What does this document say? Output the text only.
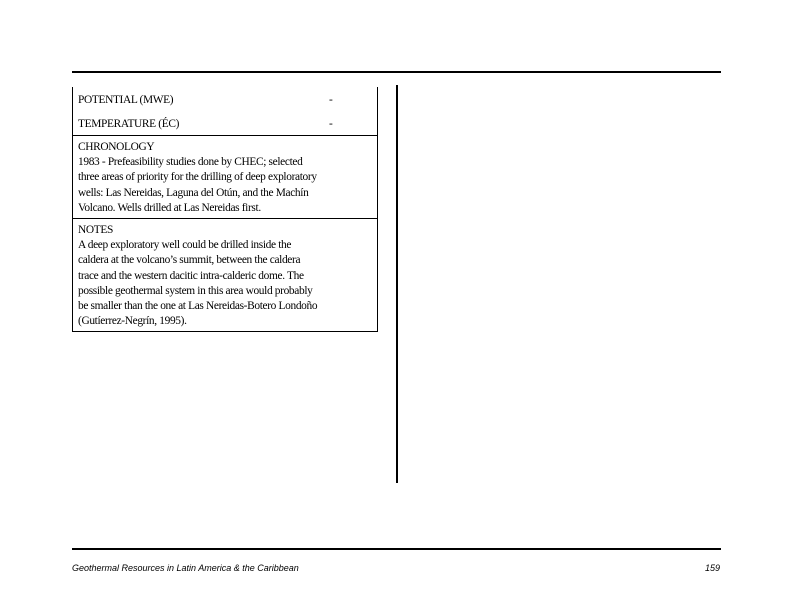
POTENTIAL (MWE)	-
TEMPERATURE (ÉC)	-
CHRONOLOGY
1983 - Prefeasibility studies done by CHEC; selected
three areas of priority for the drilling of deep exploratory
wells: Las Nereidas, Laguna del Otún, and the Machín
Volcano. Wells drilled at Las Nereidas first.
NOTES
A deep exploratory well could be drilled inside the
caldera at the volcano’s summit, between the caldera
trace and the western dacitic intra-calderic dome. The
possible geothermal system in this area would probably
be smaller than the one at Las Nereidas-Botero Londoño
(Gutíerrez-Negrín, 1995).
Geothermal Resources in Latin America & the Caribbean	159
